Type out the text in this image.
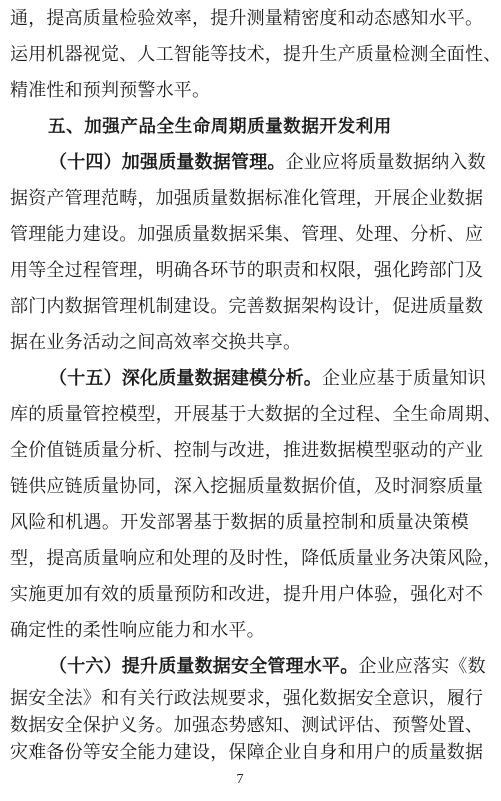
通，提高质量检验效率，提升测量精密度和动态感知水平。
运用机器视觉、人工智能等技术，提升生产质量检测全面性、
精准性和预判预警水平。
五、加强产品全生命周期质量数据开发利用
（十四）加强质量数据管理。企业应将质量数据纳入数
据资产管理范畴，加强质量数据标准化管理，开展企业数据
管理能力建设。加强质量数据采集、管理、处理、分析、应
用等全过程管理，明确各环节的职责和权限，强化跨部门及
部门内数据管理机制建设。完善数据架构设计，促进质量数
据在业务活动之间高效率交换共享。
（十五）深化质量数据建模分析。企业应基于质量知识
库的质量管控模型，开展基于大数据的全过程、全生命周期、
全价值链质量分析、控制与改进，推进数据模型驱动的产业
链供应链质量协同，深入挖掘质量数据价值，及时洞察质量
风险和机遇。开发部署基于数据的质量控制和质量决策模
型，提高质量响应和处理的及时性，降低质量业务决策风险，
实施更加有效的质量预防和改进，提升用户体验，强化对不
确定性的柔性响应能力和水平。
（十六）提升质量数据安全管理水平。企业应落实《数
据安全法》和有关行政法规要求，强化数据安全意识，履行
数据安全保护义务。加强态势感知、测试评估、预警处置、
7
灾难备份等安全能力建设，保障企业自身和用户的质量数据
